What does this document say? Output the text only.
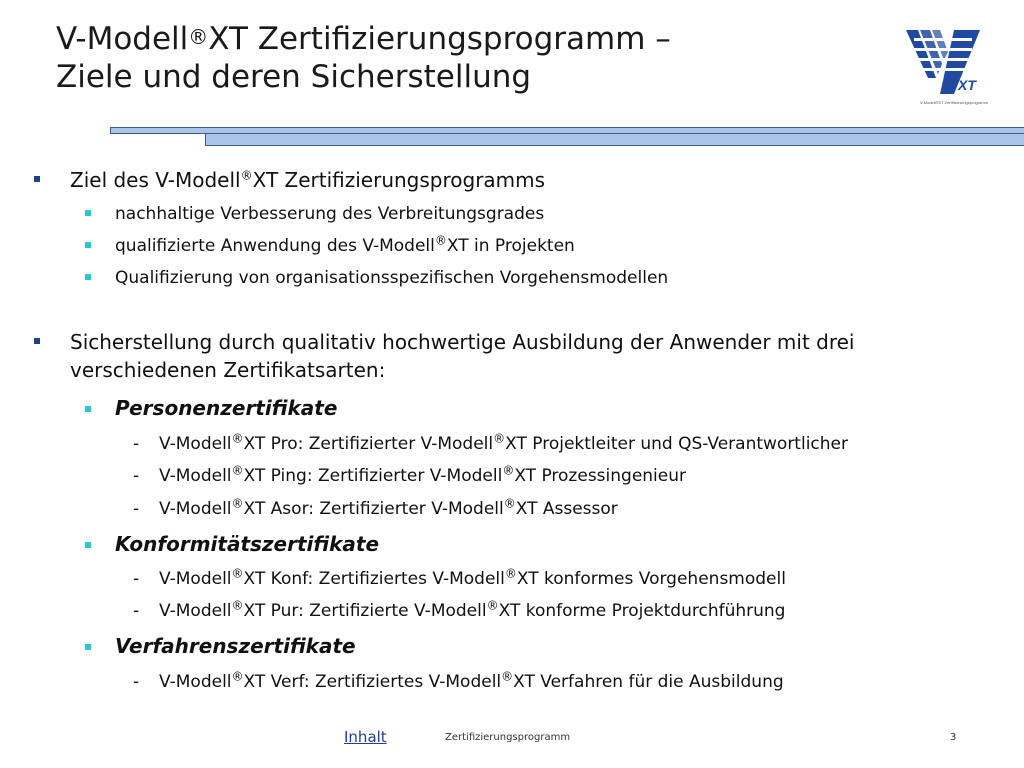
V-Modell®XT Zertifizierungsprogramm –
Ziele und deren Sicherstellung	XT
V-Modell®XT Zertifizierungsprogramm
Ziel des V-Modell®XT Zertifizierungsprogramms
nachhaltige Verbesserung des Verbreitungsgrades
qualifizierte Anwendung des V-Modell®XT in Projekten
Qualifizierung von organisationsspezifischen Vorgehensmodellen
Sicherstellung durch qualitativ hochwertige Ausbildung der Anwender mit drei
verschiedenen Zertifikatsarten:
Personenzertifikate
- V-Modell®XT Pro: Zertifizierter V-Modell®XT Projektleiter und QS-Verantwortlicher
- V-Modell®XT Ping: Zertifizierter V-Modell®XT Prozessingenieur
- V-Modell®XT Asor: Zertifizierter V-Modell®XT Assessor
Konformitätszertifikate
- V-Modell®XT Konf: Zertifiziertes V-Modell®XT konformes Vorgehensmodell
- V-Modell®XT Pur: Zertifizierte V-Modell®XT konforme Projektdurchführung
Verfahrenszertifikate
- V-Modell®XT Verf: Zertifiziertes V-Modell®XT Verfahren für die Ausbildung
Inhalt	Zertifizierungsprogramm	3
